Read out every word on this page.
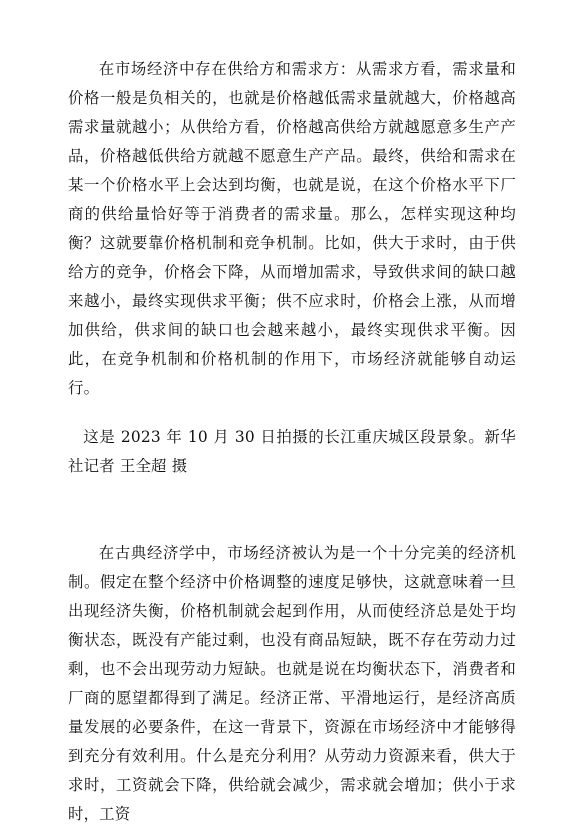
在市场经济中存在供给方和需求方：从需求方看，需求量和价格一般是负相关的，也就是价格越低需求量就越大，价格越高需求量就越小；从供给方看，价格越高供给方就越愿意多生产产品，价格越低供给方就越不愿意生产产品。最终，供给和需求在某一个价格水平上会达到均衡，也就是说，在这个价格水平下厂商的供给量恰好等于消费者的需求量。那么，怎样实现这种均衡？这就要靠价格机制和竞争机制。比如，供大于求时，由于供给方的竞争，价格会下降，从而增加需求，导致供求间的缺口越来越小，最终实现供求平衡；供不应求时，价格会上涨，从而增加供给，供求间的缺口也会越来越小，最终实现供求平衡。因此，在竞争机制和价格机制的作用下，市场经济就能够自动运行。

这是 2023 年 10 月 30 日拍摄的长江重庆城区段景象。新华社记者 王全超 摄

在古典经济学中，市场经济被认为是一个十分完美的经济机制。假定在整个经济中价格调整的速度足够快，这就意味着一旦出现经济失衡，价格机制就会起到作用，从而使经济总是处于均衡状态，既没有产能过剩，也没有商品短缺，既不存在劳动力过剩，也不会出现劳动力短缺。也就是说在均衡状态下，消费者和厂商的愿望都得到了满足。经济正常、平滑地运行，是经济高质量发展的必要条件，在这一背景下，资源在市场经济中才能够得到充分有效利用。什么是充分利用？从劳动力资源来看，供大于求时，工资就会下降，供给就会减少，需求就会增加；供小于求时，工资
